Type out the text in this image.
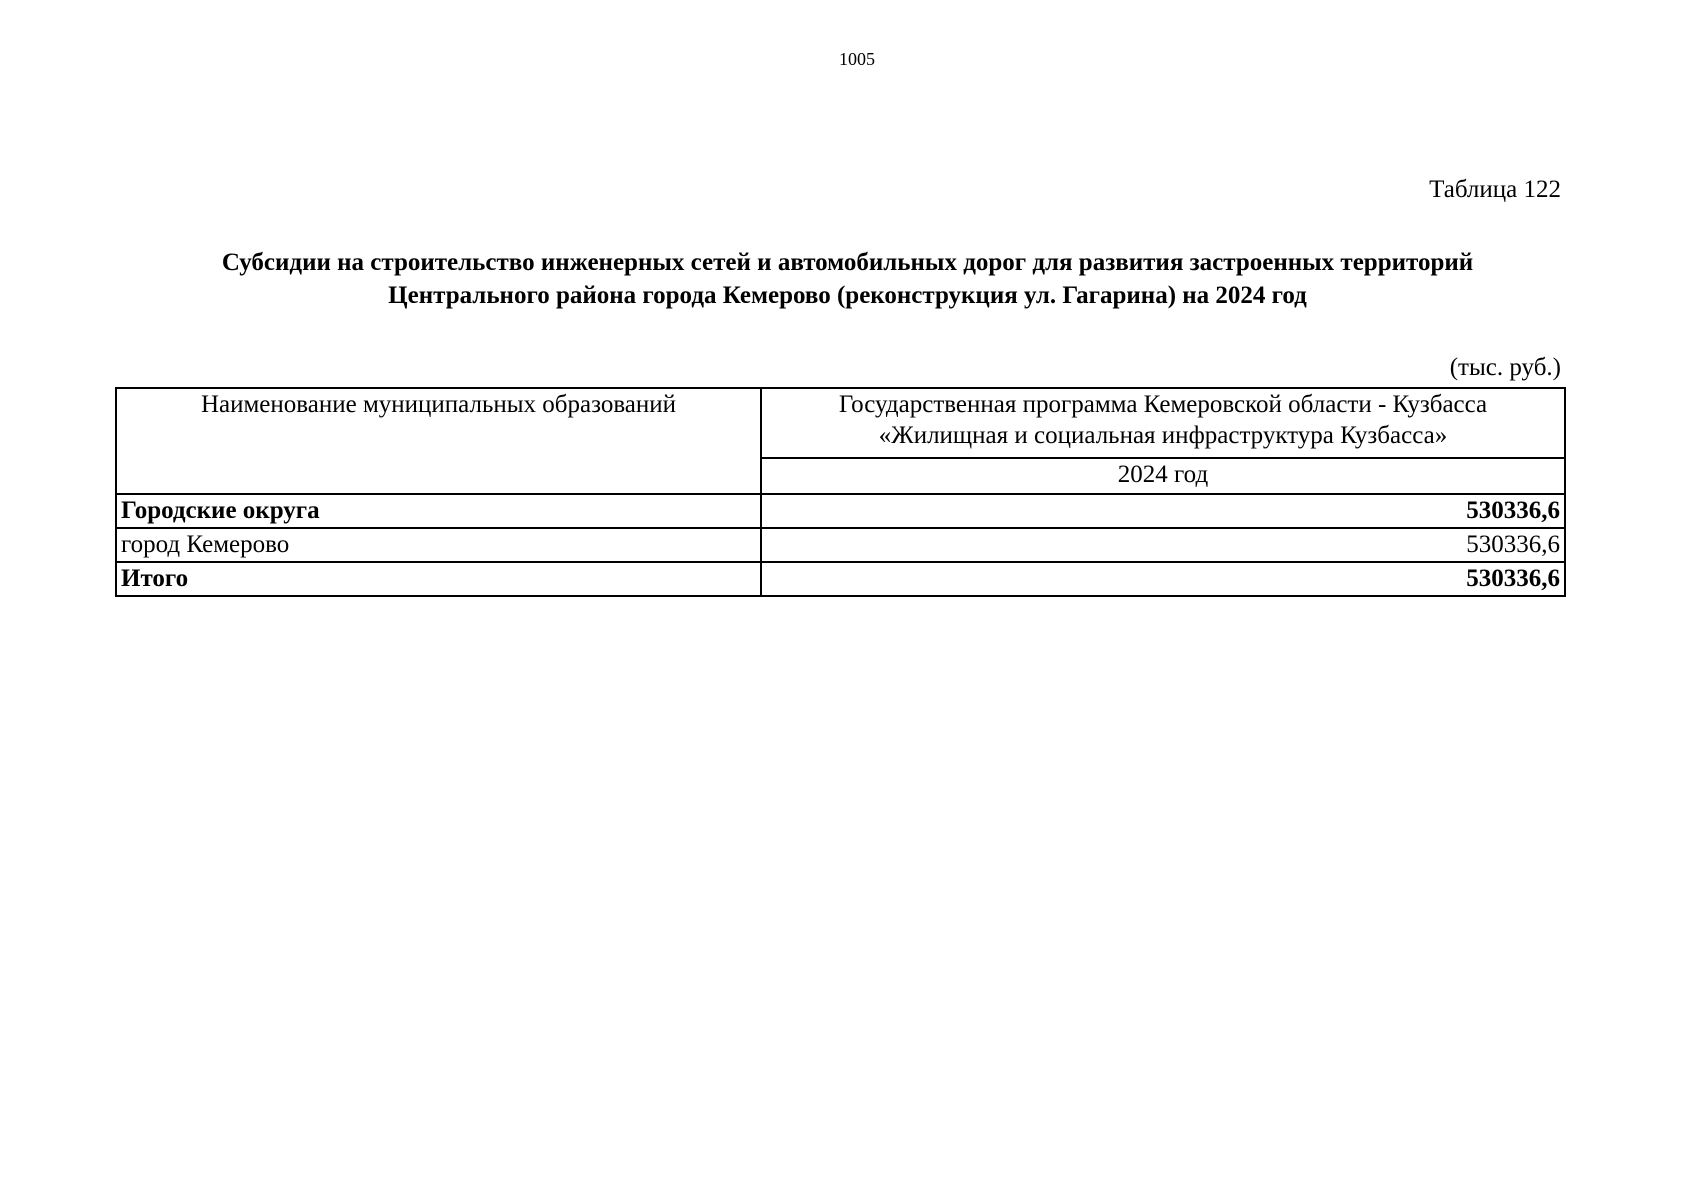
1005
Таблица 122
Субсидии на строительство инженерных сетей и автомобильных дорог для развития застроенных территорий
Центрального района города Кемерово (реконструкция ул. Гагарина) на 2024 год
(тыс. руб.)
Наименование муниципальных образований	Государственная программа Кемеровской области - Кузбасса
«Жилищная и социальная инфраструктура Кузбасса»

	2024 год
Городские округа	530336,6
город Кемерово	530336,6
Итого	530336,6
